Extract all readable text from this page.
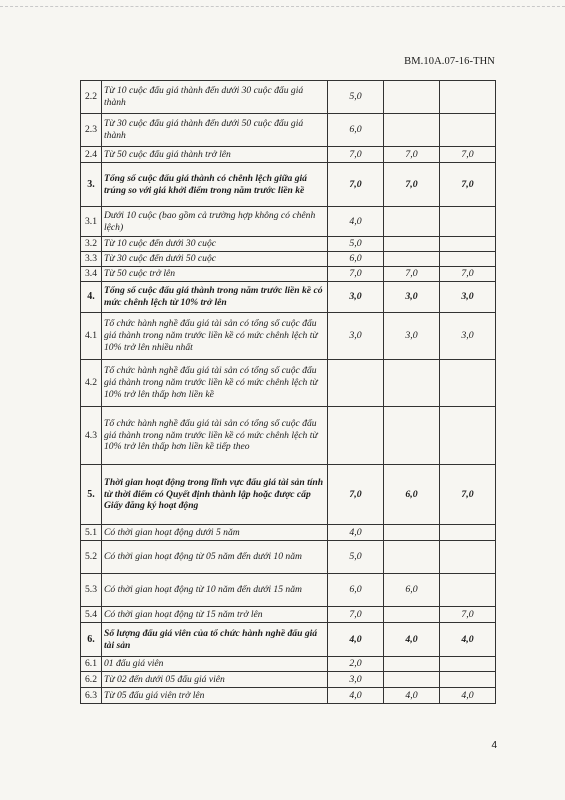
BM.10A.07-16-THN
2.2	Từ 10 cuộc đấu giá thành đến dưới 30 cuộc đấu giá thành	5,0		
2.3	Từ 30 cuộc đấu giá thành đến dưới 50 cuộc đấu giá thành	6,0		
2.4	Từ 50 cuộc đấu giá thành trở lên	7,0	7,0	7,0
3.	Tổng số cuộc đấu giá thành có chênh lệch giữa giá trúng so với giá khởi điểm trong năm trước liền kề	7,0	7,0	7,0
3.1	Dưới 10 cuộc (bao gồm cả trường hợp không có chênh lệch)	4,0		
3.2	Từ 10 cuộc đến dưới 30 cuộc	5,0		
3.3	Từ 30 cuộc đến dưới 50 cuộc	6,0		
3.4	Từ 50 cuộc trở lên	7,0	7,0	7,0
4.	Tổng số cuộc đấu giá thành trong năm trước liền kề có mức chênh lệch từ 10% trở lên	3,0	3,0	3,0
4.1	Tổ chức hành nghề đấu giá tài sản có tổng số cuộc đấu giá thành trong năm trước liền kề có mức chênh lệch từ 10% trở lên nhiều nhất	3,0	3,0	3,0
4.2	Tổ chức hành nghề đấu giá tài sản có tổng số cuộc đấu giá thành trong năm trước liền kề có mức chênh lệch từ 10% trở lên thấp hơn liền kề			
4.3	Tổ chức hành nghề đấu giá tài sản có tổng số cuộc đấu giá thành trong năm trước liền kề có mức chênh lệch từ 10% trở lên thấp hơn liền kề tiếp theo			
5.	Thời gian hoạt động trong lĩnh vực đấu giá tài sản tính từ thời điểm có Quyết định thành lập hoặc được cấp Giấy đăng ký hoạt động	7,0	6,0	7,0
5.1	Có thời gian hoạt động dưới 5 năm	4,0		
5.2	Có thời gian hoạt động từ 05 năm đến dưới 10 năm	5,0		
5.3	Có thời gian hoạt động từ 10 năm đến dưới 15 năm	6,0	6,0	
5.4	Có thời gian hoạt động từ 15 năm trở lên	7,0		7,0
6.	Số lượng đấu giá viên của tổ chức hành nghề đấu giá tài sản	4,0	4,0	4,0
6.1	01 đấu giá viên	2,0		
6.2	Từ 02 đến dưới 05 đấu giá viên	3,0		
6.3	Từ 05 đấu giá viên trở lên	4,0	4,0	4,0
4
